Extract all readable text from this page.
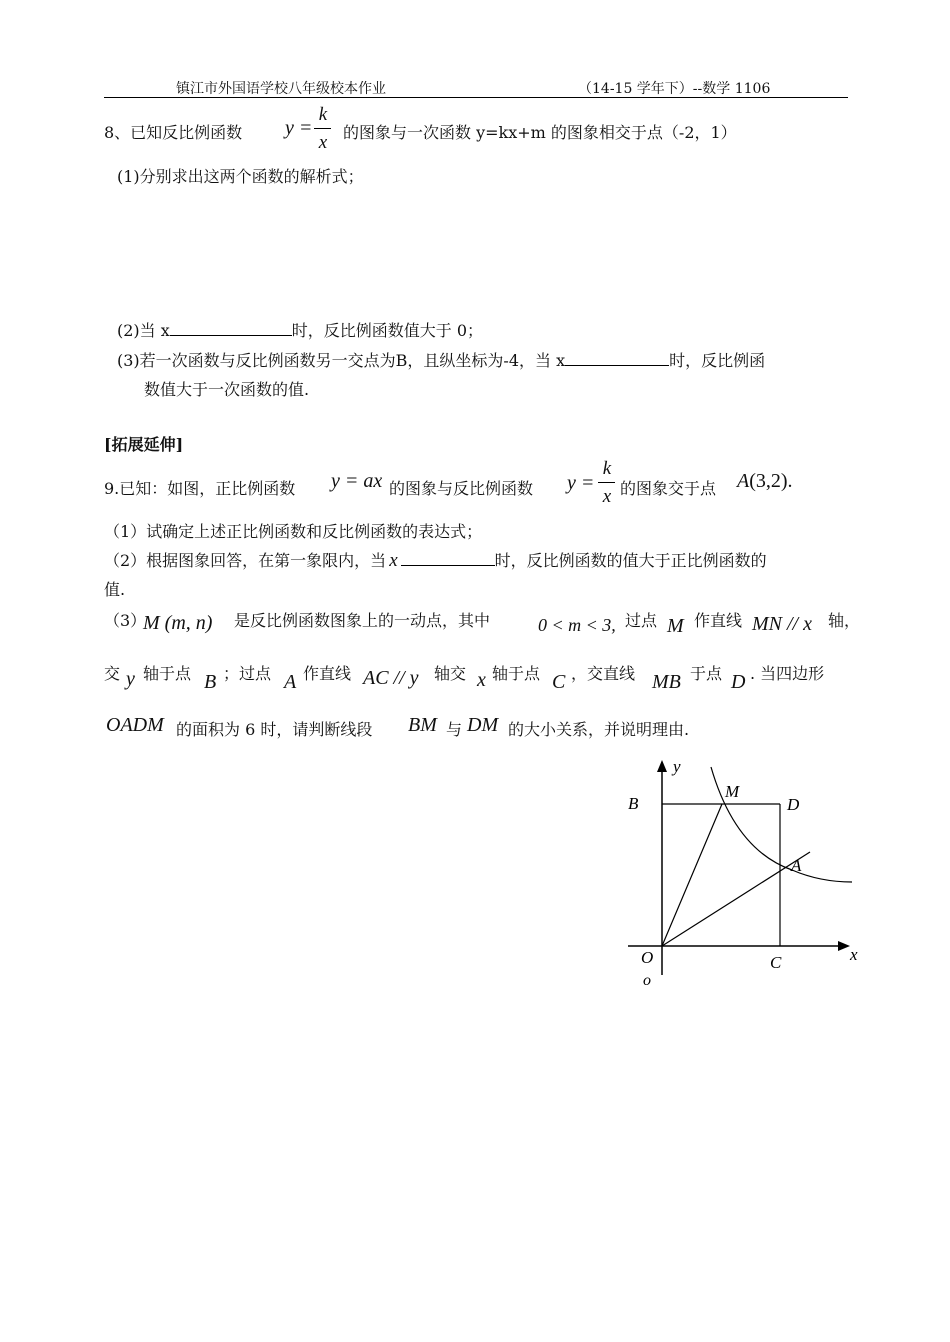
镇江市外国语学校八年级校本作业	（14-15 学年下）--数学 1106
8、已知反比例函数 y =
k
x 的图象与一次函数 y=kx+m 的图象相交于点（-2，1）
(1)分别求出这两个函数的解析式；
(2)当 x	时，反比例函数值大于 0；
(3)若一次函数与反比例函数另一交点为B，且纵坐标为-4，当 x	时，反比例函
数值大于一次函数的值.
[拓展延伸]
9.已知：如图，正比例函数 y = ax 的图象与反比例函数 y =
k
x 的图象交于点 A(3,2).
（1）试确定上述正比例函数和反比例函数的表达式；
（2）根据图象回答，在第一象限内，当 x	时，反比例函数的值大于正比例函数的
值.
（3）
M (m, n) 是反比例函数图象上的一动点，其中	0 < m < 3, 过点 M 作直线 MN // x 轴，
交 y 轴于点 B ；过点 A 作直线 AC // y 轴交 x 轴于点 C ，交直线 MB 于点 D . 当四边形
OADM 的面积为 6 时，请判断线段 BM 与 DM 的大小关系，并说明理由.
y
x
B
M
D
A
O
o
C
